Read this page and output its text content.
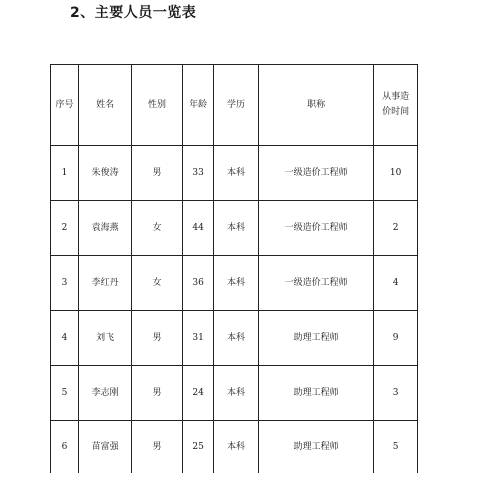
2、主要人员一览表
序号	姓名	性别	年龄	学历	职称	从事造价时间
1	朱俊涛	男	33	本科	一级造价工程师	10
2	袁海燕	女	44	本科	一级造价工程师	2
3	李红丹	女	36	本科	一级造价工程师	4
4	刘飞	男	31	本科	助理工程师	9
5	李志刚	男	24	本科	助理工程师	3
6	苗富强	男	25	本科	助理工程师	5
